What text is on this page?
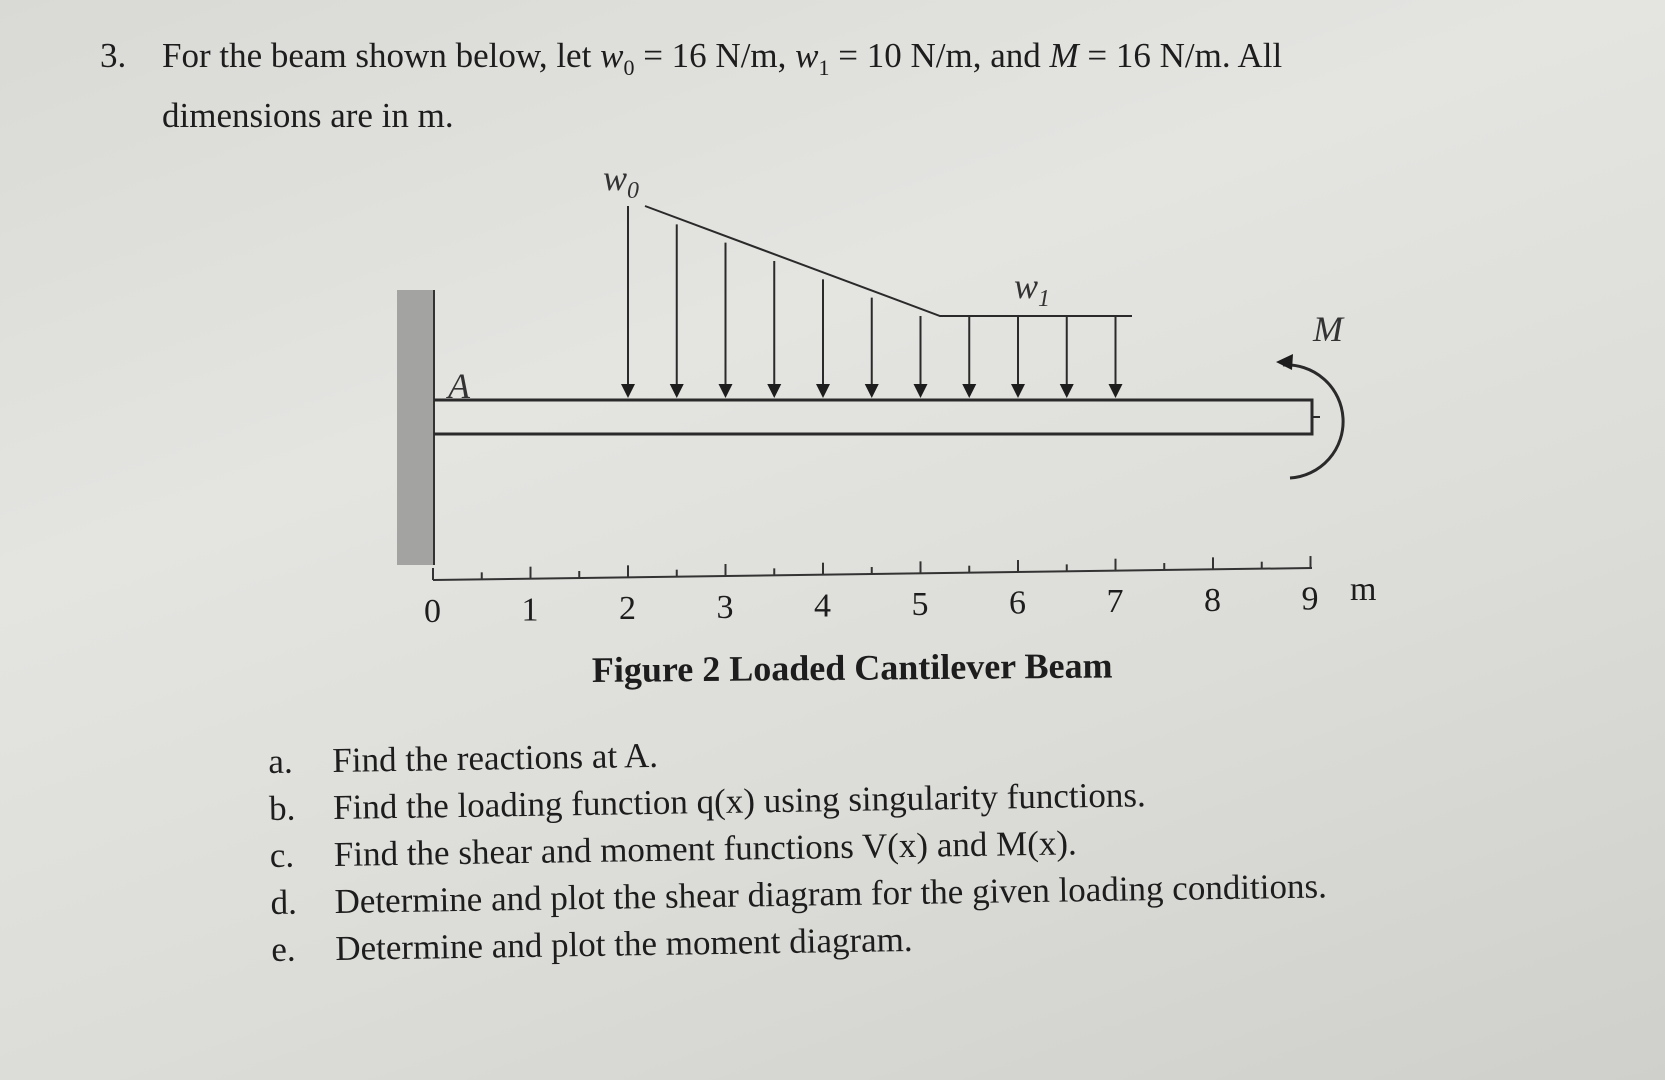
3. For the beam shown below, let $w_0 = 16$ N/m, $w_1 = 10$ N/m, and M = 16 N/m. All
dimensions are in m.
A
$w_0$
$w_1$
M
0 1 2 3 4 5 6 7 8 9 m
Figure 2 Loaded Cantilever Beam
a. Find the reactions at A.
b. Find the loading function q(x) using singularity functions.
c. Find the shear and moment functions V(x) and M(x).
d. Determine and plot the shear diagram for the given loading conditions.
e. Determine and plot the moment diagram.
